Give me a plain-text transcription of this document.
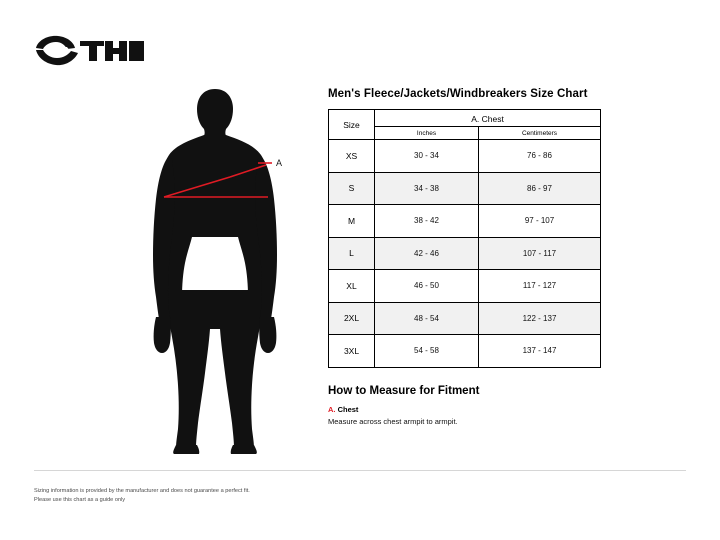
A
Men's Fleece/Jackets/Windbreakers Size Chart
Size	A. Chest	
	Inches	Centimeters
XS	30 - 34	76 - 86
S	34 - 38	86 - 97
M	38 - 42	97 - 107
L	42 - 46	107 - 117
XL	46 - 50	117 - 127
2XL	48 - 54	122 - 137
3XL	54 - 58	137 - 147
How to Measure for Fitment

A. Chest

Measure across chest armpit to armpit.

Sizing information is provided by the manufacturer and does not guarantee a perfect fit.
Please use this chart as a guide only
